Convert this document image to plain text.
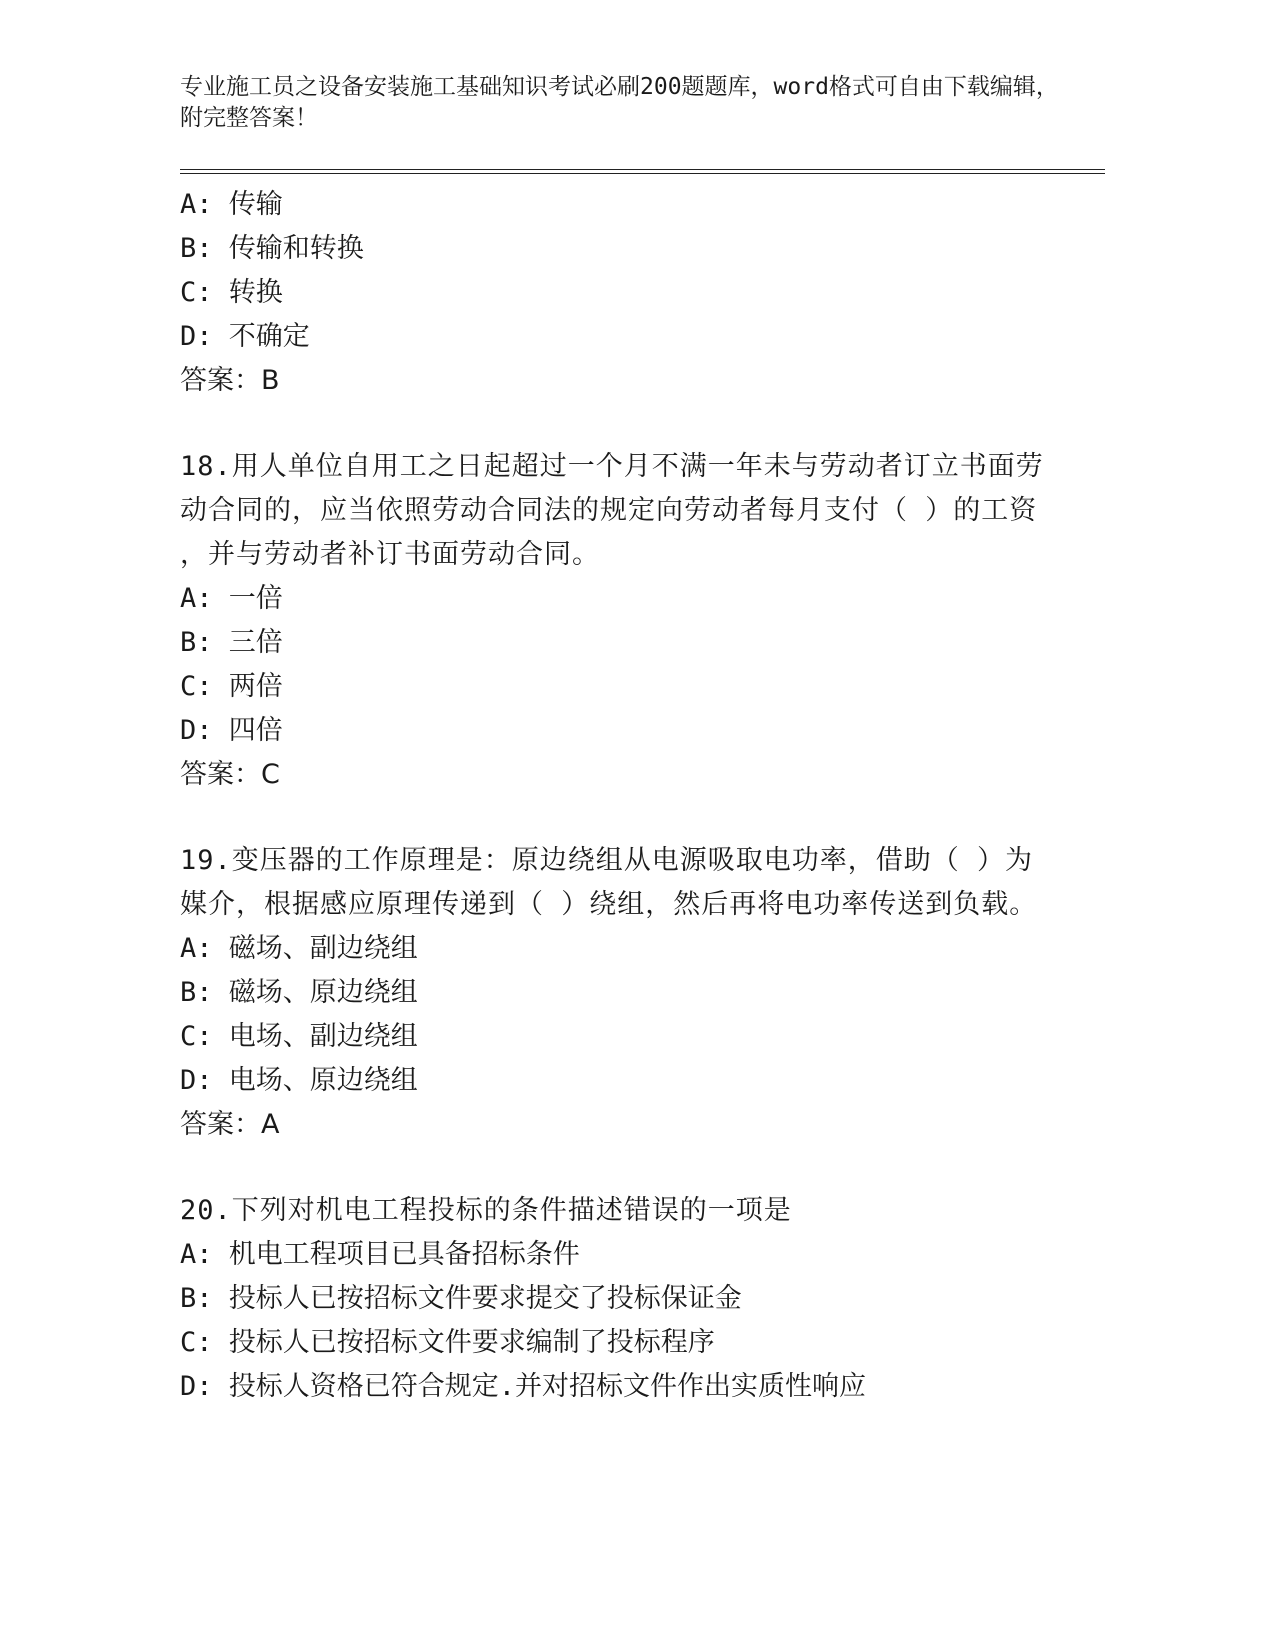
专业施工员之设备安装施工基础知识考试必刷200题题库，word格式可自由下载编辑，附完整答案！
A: 传输
B: 传输和转换
C: 转换
D: 不确定
答案：B
18.用人单位自用工之日起超过一个月不满一年未与劳动者订立书面劳
动合同的，应当依照劳动合同法的规定向劳动者每月支付（ ）的工资
，并与劳动者补订书面劳动合同。
A: 一倍
B: 三倍
C: 两倍
D: 四倍
答案：C
19.变压器的工作原理是：原边绕组从电源吸取电功率，借助（ ）为
媒介，根据感应原理传递到（ ）绕组，然后再将电功率传送到负载。
A: 磁场、副边绕组
B: 磁场、原边绕组
C: 电场、副边绕组
D: 电场、原边绕组
答案：A
20.下列对机电工程投标的条件描述错误的一项是
A: 机电工程项目已具备招标条件
B: 投标人已按招标文件要求提交了投标保证金
C: 投标人已按招标文件要求编制了投标程序
D: 投标人资格已符合规定.并对招标文件作出实质性响应
